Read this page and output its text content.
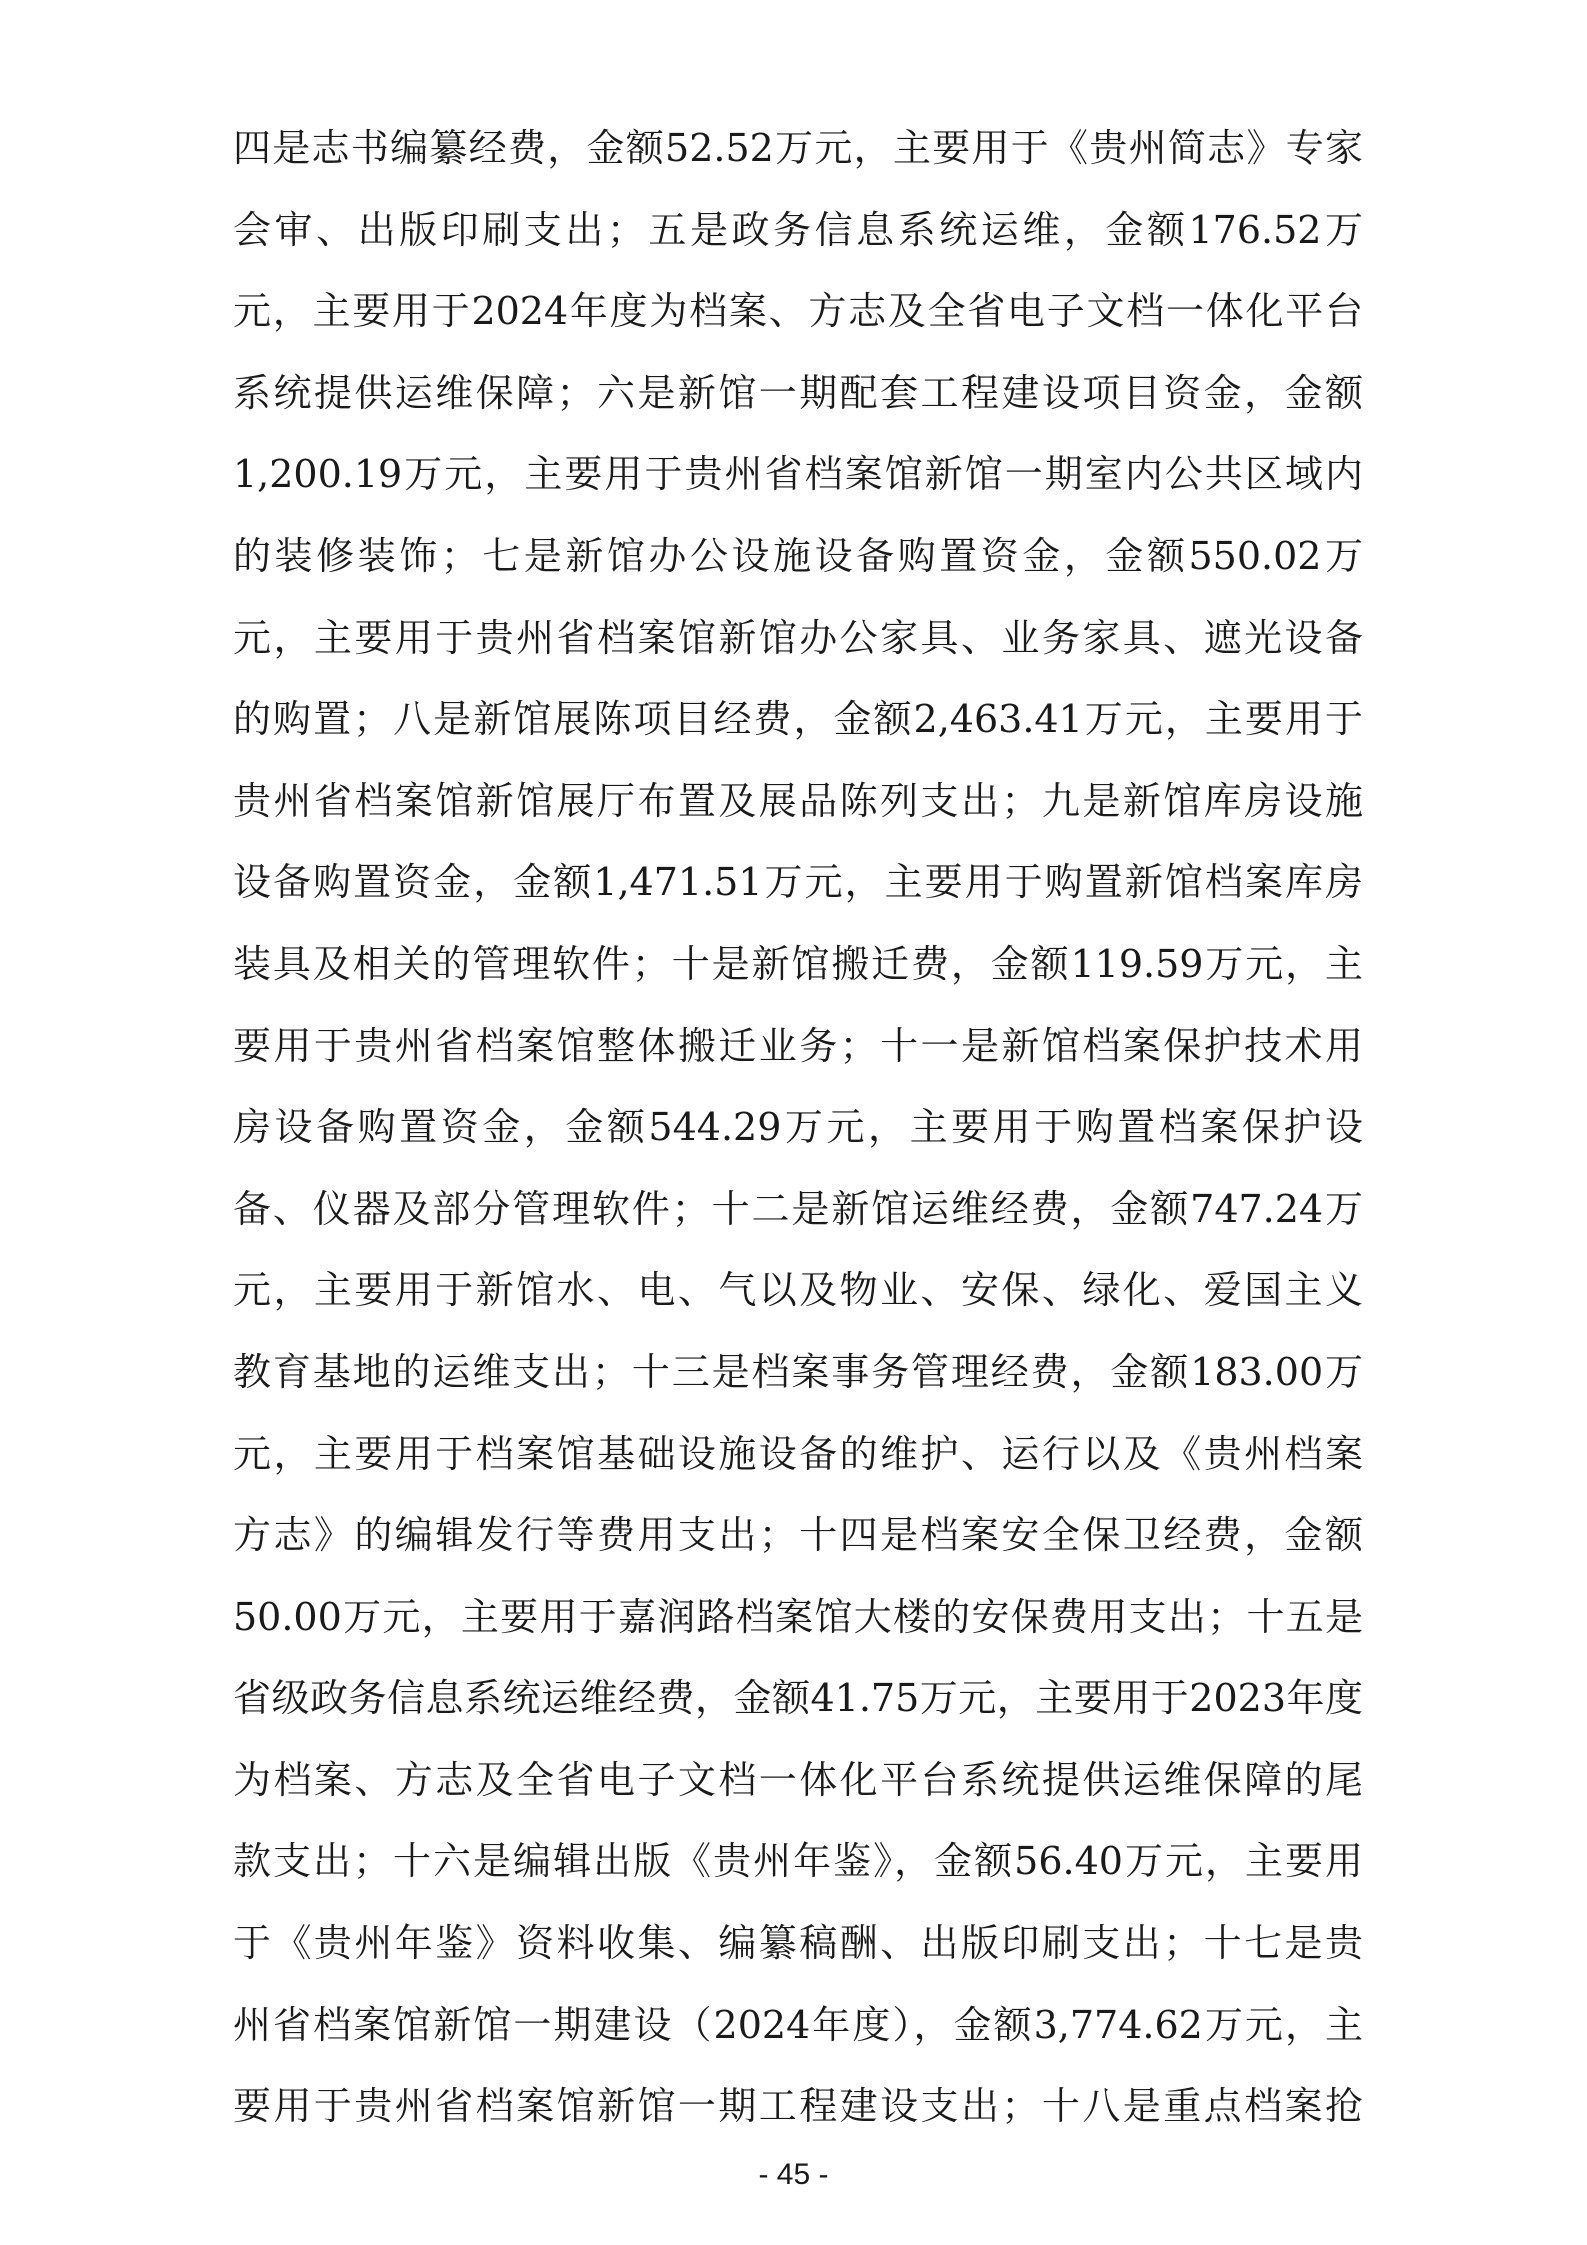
四是志书编纂经费，金额52.52万元，主要用于《贵州简志》专家
会审、出版印刷支出；五是政务信息系统运维，金额176.52万
元，主要用于2024年度为档案、方志及全省电子文档一体化平台
系统提供运维保障；六是新馆一期配套工程建设项目资金，金额
1,200.19万元，主要用于贵州省档案馆新馆一期室内公共区域内
的装修装饰；七是新馆办公设施设备购置资金，金额550.02万
元，主要用于贵州省档案馆新馆办公家具、业务家具、遮光设备
的购置；八是新馆展陈项目经费，金额2,463.41万元，主要用于
贵州省档案馆新馆展厅布置及展品陈列支出；九是新馆库房设施
设备购置资金，金额1,471.51万元，主要用于购置新馆档案库房
装具及相关的管理软件；十是新馆搬迁费，金额119.59万元，主
要用于贵州省档案馆整体搬迁业务；十一是新馆档案保护技术用
房设备购置资金，金额544.29万元，主要用于购置档案保护设
备、仪器及部分管理软件；十二是新馆运维经费，金额747.24万
元，主要用于新馆水、电、气以及物业、安保、绿化、爱国主义
教育基地的运维支出；十三是档案事务管理经费，金额183.00万
元，主要用于档案馆基础设施设备的维护、运行以及《贵州档案
方志》的编辑发行等费用支出；十四是档案安全保卫经费，金额
50.00万元，主要用于嘉润路档案馆大楼的安保费用支出；十五是
省级政务信息系统运维经费，金额41.75万元，主要用于2023年度
为档案、方志及全省电子文档一体化平台系统提供运维保障的尾
款支出；十六是编辑出版《贵州年鉴》，金额56.40万元，主要用
于《贵州年鉴》资料收集、编纂稿酬、出版印刷支出；十七是贵
州省档案馆新馆一期建设（2024年度），金额3,774.62万元，主
要用于贵州省档案馆新馆一期工程建设支出；十八是重点档案抢
- 45 -
